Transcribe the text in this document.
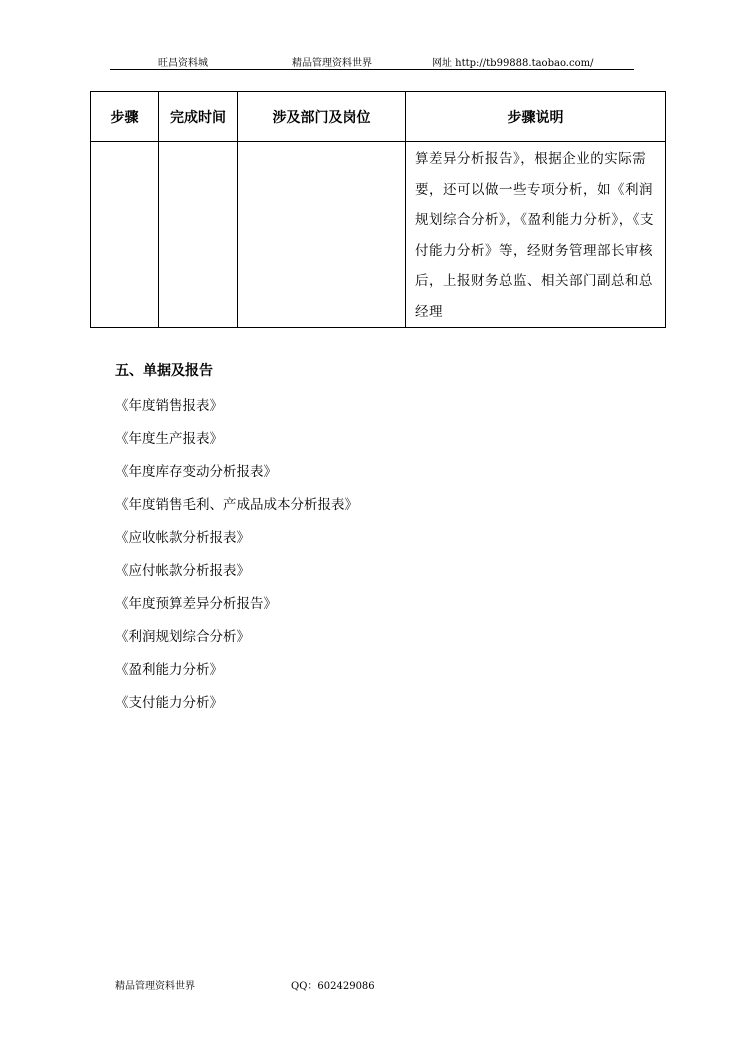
旺昌资料城	精品管理资料世界	网址 http://tb99888.taobao.com/
步骤	完成时间	涉及部门及岗位	步骤说明
			算差异分析报告》，根据企业的实际需要，还可以做一些专项分析，如《利润规划综合分析》，《盈利能力分析》，《支付能力分析》等，经财务管理部长审核后，上报财务总监、相关部门副总和总经理
五、单据及报告
《年度销售报表》
《年度生产报表》
《年度库存变动分析报表》
《年度销售毛利、产成品成本分析报表》
《应收帐款分析报表》
《应付帐款分析报表》
《年度预算差异分析报告》
《利润规划综合分析》
《盈利能力分析》
《支付能力分析》
精品管理资料世界	QQ：602429086
